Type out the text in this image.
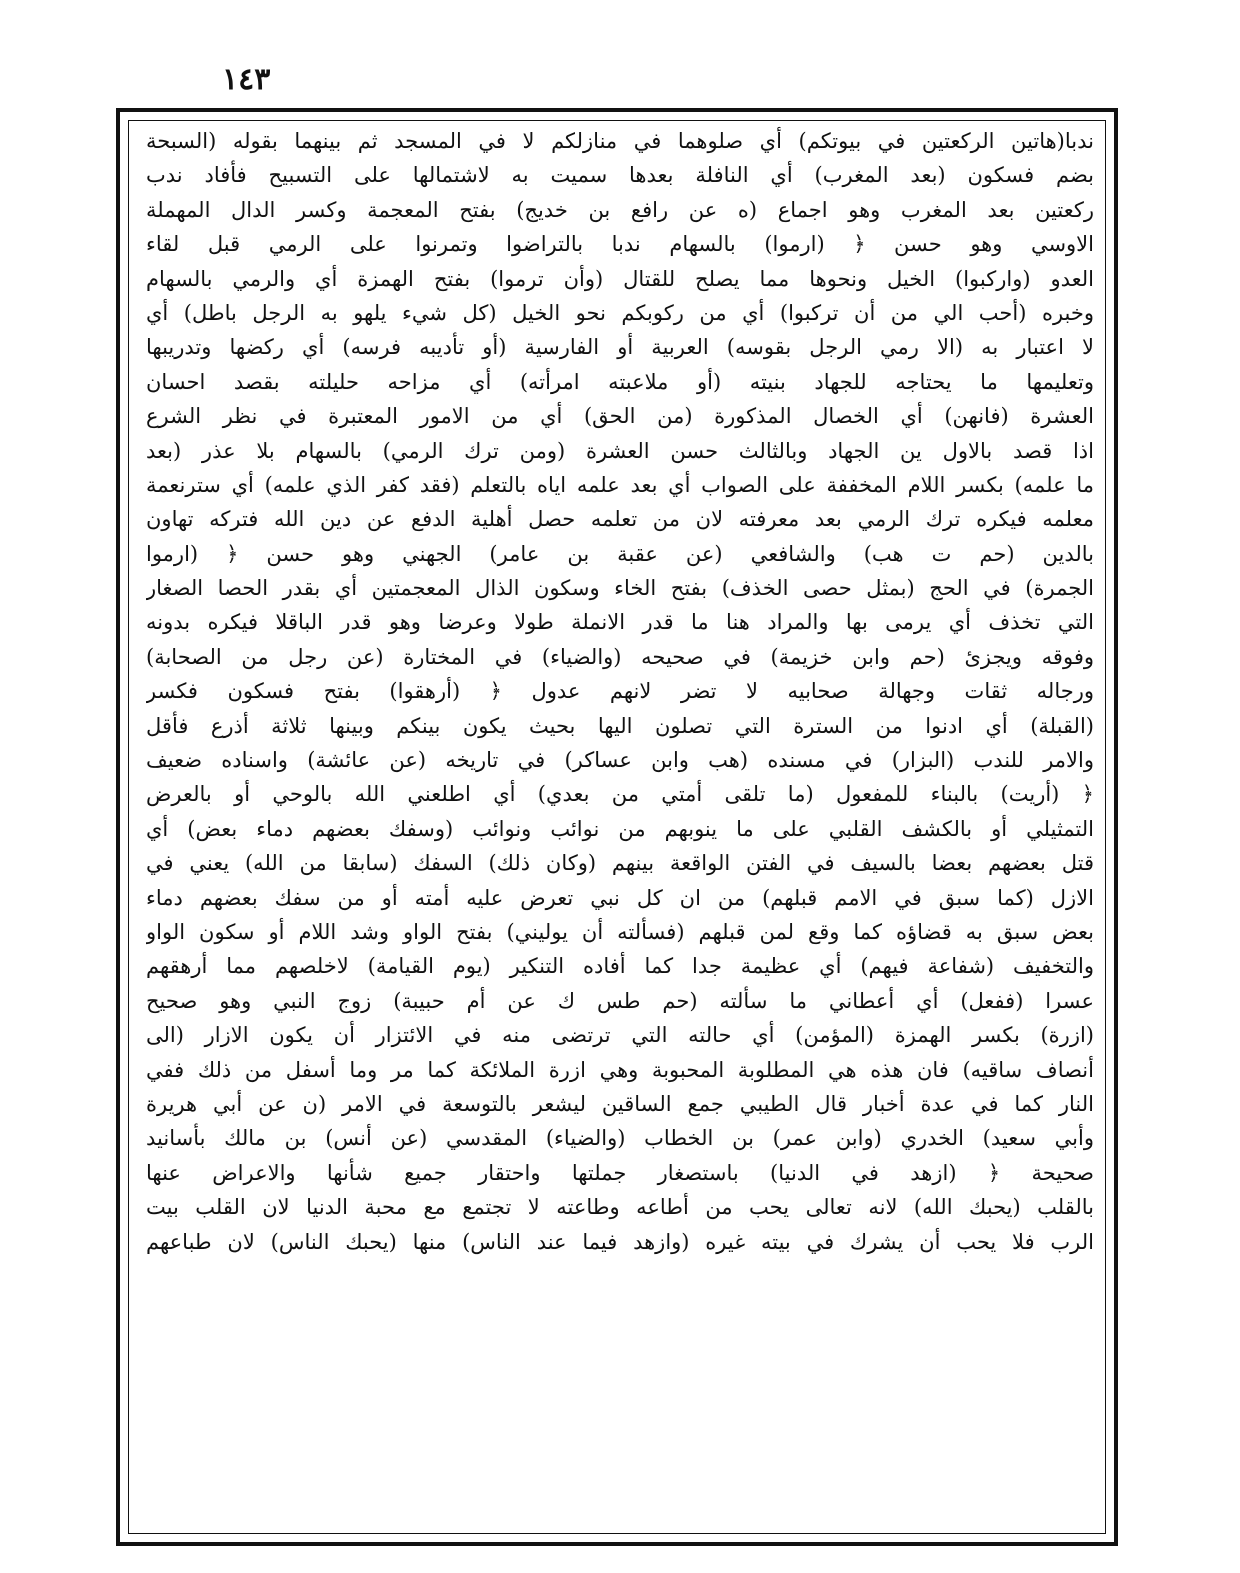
١٤٣
ندبا(هاتين الركعتين في بيوتكم) أي صلوهما في منازلكم لا في المسجد ثم بينهما بقوله (السبحة
بضم فسكون (بعد المغرب) أي النافلة بعدها سميت به لاشتمالها على التسبيح فأفاد ندب
ركعتين بعد المغرب وهو اجماع (ه عن رافع بن خديج) بفتح المعجمة وكسر الدال المهملة
الاوسي وهو حسن ﴿ (ارموا) بالسهام ندبا بالتراضوا وتمرنوا على الرمي قبل لقاء
العدو (واركبوا) الخيل ونحوها مما يصلح للقتال (وأن ترموا) بفتح الهمزة أي والرمي بالسهام
وخبره (أحب الي من أن تركبوا) أي من ركوبكم نحو الخيل (كل شيء يلهو به الرجل باطل) أي
لا اعتبار به (الا رمي الرجل بقوسه) العربية أو الفارسية (أو تأديبه فرسه) أي ركضها وتدريبها
وتعليمها ما يحتاجه للجهاد بنيته (أو ملاعبته امرأته) أي مزاحه حليلته بقصد احسان
العشرة (فانهن) أي الخصال المذكورة (من الحق) أي من الامور المعتبرة في نظر الشرع
اذا قصد بالاول ين الجهاد وبالثالث حسن العشرة (ومن ترك الرمي) بالسهام بلا عذر (بعد
ما علمه) بكسر اللام المخففة على الصواب أي بعد علمه اياه بالتعلم (فقد كفر الذي علمه) أي سترنعمة
معلمه فيكره ترك الرمي بعد معرفته لان من تعلمه حصل أهلية الدفع عن دين الله فتركه تهاون
بالدين (حم ت هب) والشافعي (عن عقبة بن عامر) الجهني وهو حسن ﴿ (ارموا
الجمرة) في الحج (بمثل حصى الخذف) بفتح الخاء وسكون الذال المعجمتين أي بقدر الحصا الصغار
التي تخذف أي يرمى بها والمراد هنا ما قدر الانملة طولا وعرضا وهو قدر الباقلا فيكره بدونه
وفوقه ويجزئ (حم وابن خزيمة) في صحيحه (والضياء) في المختارة (عن رجل من الصحابة)
ورجاله ثقات وجهالة صحابيه لا تضر لانهم عدول ﴿ (أرهقوا) بفتح فسكون فكسر
(القبلة) أي ادنوا من السترة التي تصلون اليها بحيث يكون بينكم وبينها ثلاثة أذرع فأقل
والامر للندب (البزار) في مسنده (هب وابن عساكر) في تاريخه (عن عائشة) واسناده ضعيف
﴿ (أريت) بالبناء للمفعول (ما تلقى أمتي من بعدي) أي اطلعني الله بالوحي أو بالعرض
التمثيلي أو بالكشف القلبي على ما ينوبهم من نوائب ونوائب (وسفك بعضهم دماء بعض) أي
قتل بعضهم بعضا بالسيف في الفتن الواقعة بينهم (وكان ذلك) السفك (سابقا من الله) يعني في
الازل (كما سبق في الامم قبلهم) من ان كل نبي تعرض عليه أمته أو من سفك بعضهم دماء
بعض سبق به قضاؤه كما وقع لمن قبلهم (فسألته أن يوليني) بفتح الواو وشد اللام أو سكون الواو
والتخفيف (شفاعة فيهم) أي عظيمة جدا كما أفاده التنكير (يوم القيامة) لاخلصهم مما أرهقهم
عسرا (ففعل) أي أعطاني ما سألته (حم طس ك عن أم حبيبة) زوج النبي وهو صحيح
(ازرة) بكسر الهمزة (المؤمن) أي حالته التي ترتضى منه في الائتزار أن يكون الازار (الى
أنصاف ساقيه) فان هذه هي المطلوبة المحبوبة وهي ازرة الملائكة كما مر وما أسفل من ذلك ففي
النار كما في عدة أخبار قال الطيبي جمع الساقين ليشعر بالتوسعة في الامر (ن عن أبي هريرة
وأبي سعيد) الخدري (وابن عمر) بن الخطاب (والضياء) المقدسي (عن أنس) بن مالك بأسانيد
صحيحة ﴿ (ازهد في الدنيا) باستصغار جملتها واحتقار جميع شأنها والاعراض عنها
بالقلب (يحبك الله) لانه تعالى يحب من أطاعه وطاعته لا تجتمع مع محبة الدنيا لان القلب بيت
الرب فلا يحب أن يشرك في بيته غيره (وازهد فيما عند الناس) منها (يحبك الناس) لان طباعهم
